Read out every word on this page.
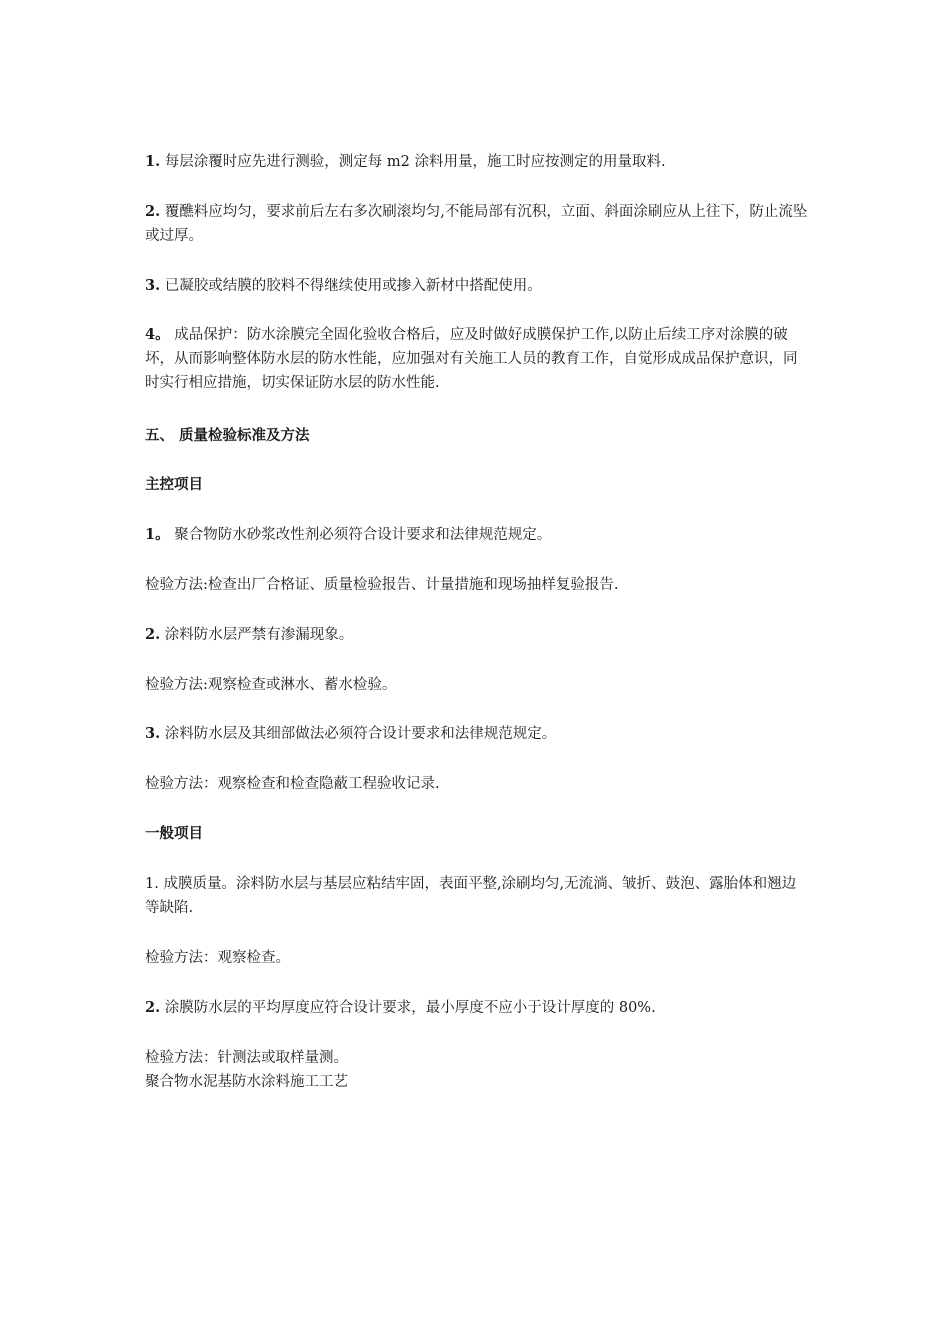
1. 每层涂覆时应先进行测验，测定每 m2 涂料用量，施工时应按测定的用量取料.
2. 覆醮料应均匀，要求前后左右多次刷滚均匀,不能局部有沉积，立面、斜面涂刷应从上往下，防止流坠或过厚。
3. 已凝胶或结膜的胶料不得继续使用或掺入新材中搭配使用。
4。 成品保护：防水涂膜完全固化验收合格后，应及时做好成膜保护工作,以防止后续工序对涂膜的破坏，从而影响整体防水层的防水性能，应加强对有关施工人员的教育工作，自觉形成成品保护意识，同时实行相应措施，切实保证防水层的防水性能.
五、 质量检验标准及方法
主控项目
1。 聚合物防水砂浆改性剂必须符合设计要求和法律规范规定。
检验方法:检查出厂合格证、质量检验报告、计量措施和现场抽样复验报告.
2. 涂料防水层严禁有渗漏现象。
检验方法:观察检查或淋水、蓄水检验。
3. 涂料防水层及其细部做法必须符合设计要求和法律规范规定。
检验方法：观察检查和检查隐蔽工程验收记录.
一般项目
1. 成膜质量。涂料防水层与基层应粘结牢固，表面平整,涂刷均匀,无流淌、皱折、鼓泡、露胎体和翘边等缺陷.
检验方法：观察检查。
2. 涂膜防水层的平均厚度应符合设计要求，最小厚度不应小于设计厚度的 80%.
检验方法：针测法或取样量测。
聚合物水泥基防水涂料施工工艺
